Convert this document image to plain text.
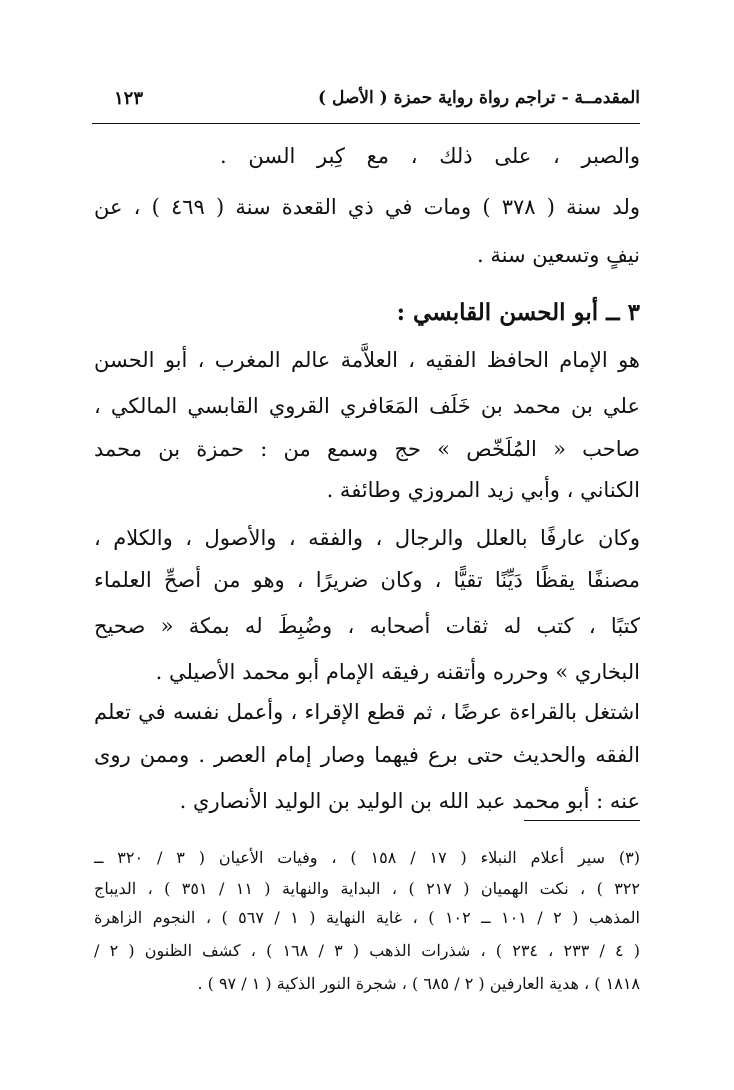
المقدمــة - تراجم رواة رواية حمزة ( الأصل )
١٢٣
والصبر ، على ذلك ، مع كِبر السن .
ولد سنة ( ٣٧٨ ) ومات في ذي القعدة سنة ( ٤٦٩ ) ، عن
نيفٍ وتسعين سنة .
٣ ــ أبو الحسن القابسي :
هو الإمام الحافظ الفقيه ، العلاَّمة عالم المغرب ، أبو الحسن
علي بن محمد بن خَلَف المَعَافري القروي القابسي المالكي ،
صاحب « المُلَخّص » حج وسمع من : حمزة بن محمد
الكناني ، وأبي زيد المروزي وطائفة .
وكان عارفًا بالعلل والرجال ، والفقه ، والأصول ، والكلام ،
مصنفًا يقظًا دَيِّنًا تقيًّا ، وكان ضريرًا ، وهو من أصحِّ العلماء
كتبًا ، كتب له ثقات أصحابه ، وضُبِطَ له بمكة « صحيح
البخاري » وحرره وأتقنه رفيقه الإمام أبو محمد الأصيلي .
اشتغل بالقراءة عرضًا ، ثم قطع الإقراء ، وأعمل نفسه في تعلم
الفقه والحديث حتى برع فيهما وصار إمام العصر . وممن روى
عنه : أبو محمد عبد الله بن الوليد بن الوليد الأنصاري .
(٣) سير أعلام النبلاء ( ١٧ / ١٥٨ ) ، وفيات الأعيان ( ٣ / ٣٢٠ ــ
٣٢٢ ) ، نكت الهميان ( ٢١٧ ) ، البداية والنهاية ( ١١ / ٣٥١ ) ، الديباج
المذهب ( ٢ / ١٠١ ــ ١٠٢ ) ، غاية النهاية ( ١ / ٥٦٧ ) ، النجوم الزاهرة
( ٤ / ٢٣٣ ، ٢٣٤ ) ، شذرات الذهب ( ٣ / ١٦٨ ) ، كشف الظنون ( ٢ /
١٨١٨ ) ، هدية العارفين ( ٢ / ٦٨٥ ) ، شجرة النور الذكية ( ١ / ٩٧ ) .
